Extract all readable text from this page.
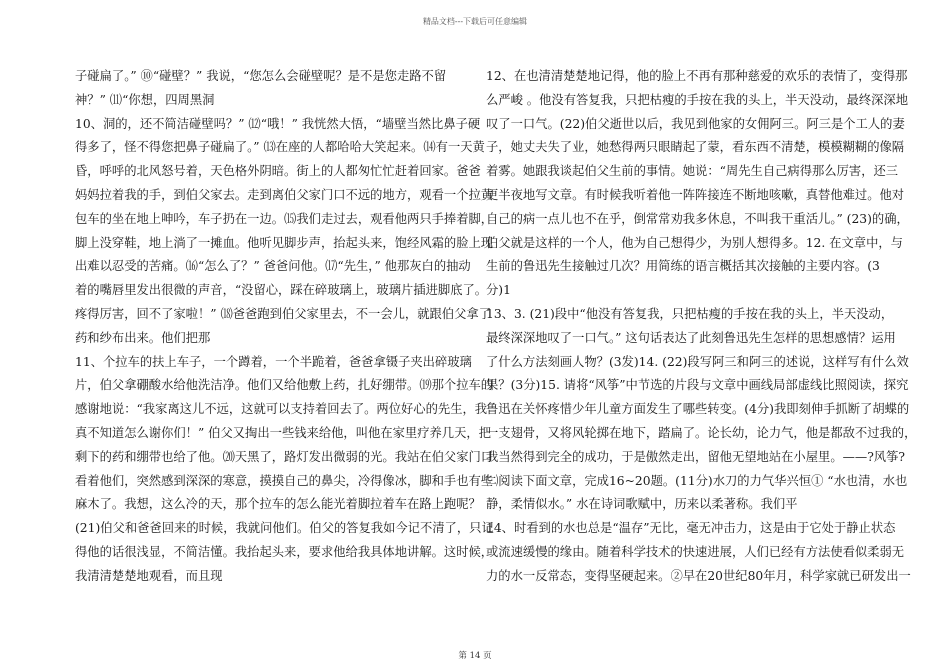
精品文档---下载后可任意编辑
子碰扁了。” ⑩“碰壁？” 我说，“您怎么会碰壁呢？是不是您走路不留
神？” ⑾“你想，四周黑洞
10、洞的，还不简洁碰壁吗？” ⑿“哦！” 我恍然大悟，“墙壁当然比鼻子硬
得多了，怪不得您把鼻子碰扁了。” ⒀在座的人都哈哈大笑起来。⒁有一天黄
昏，呼呼的北风怒号着，天色格外阴暗。街上的人都匆忙忙赶着回家。爸爸
妈妈拉着我的手，到伯父家去。走到离伯父家门口不远的地方，观看一个拉黄
包车的坐在地上呻吟，车子扔在一边。⒂我们走过去，观看他两只手捧着脚，
脚上没穿鞋，地上淌了一摊血。他听见脚步声，抬起头来，饱经风霜的脸上现
出难以忍受的苦痛。⒃“怎么了？” 爸爸问他。⒄“先生，” 他那灰白的抽动
着的嘴唇里发出很微的声音，“没留心，踩在碎玻璃上，玻璃片插进脚底了。
疼得厉害，回不了家啦！” ⒅爸爸跑到伯父家里去，不一会儿，就跟伯父拿了
药和纱布出来。他们把那
11、个拉车的扶上车子，一个蹲着，一个半跪着，爸爸拿镊子夹出碎玻璃
片，伯父拿硼酸水给他洗洁净。他们又给他敷上药，扎好绷带。⒆那个拉车的
感谢地说：“我家离这儿不远，这就可以支持着回去了。两位好心的先生，我
真不知道怎么谢你们！” 伯父又掏出一些钱来给他，叫他在家里疗养几天，把
剩下的药和绷带也给了他。⒇天黑了，路灯发出微弱的光。我站在伯父家门口
看着他们，突然感到深深的寒意，摸摸自己的鼻尖，冷得像冰，脚和手也有些
麻木了。我想，这么冷的天，那个拉车的怎么能光着脚拉着车在路上跑呢？
(21)伯父和爸爸回来的时候，我就问他们。伯父的答复我如今记不清了，只记
得他的话很浅显，不简洁懂。我抬起头来，要求他给我具体地讲解。这时候，
我清清楚楚地观看，而且现
12、在也清清楚楚地记得，他的脸上不再有那种慈爱的欢乐的表情了，变得那
么严峻 。他没有答复我，只把枯瘦的手按在我的头上，半天没动，最终深深地
叹了一口气。(22)伯父逝世以后，我见到他家的女佣阿三。阿三是个工人的妻
子，她丈夫失了业，她愁得两只眼睛起了蒙，看东西不清楚，模模糊糊的像隔
着雾。她跟我谈起伯父生前的事情。她说：“周先生自己病得那么厉害，还三
更半夜地写文章。有时候我听着他一阵阵接连不断地咳嗽，真替他难过。他对
自己的病一点儿也不在乎，倒常常劝我多休息，不叫我干重活儿。” (23)的确，
伯父就是这样的一个人，他为自己想得少，为别人想得多。12. 在文章中，与
生前的鲁迅先生接触过几次？用简练的语言概括其次接触的主要内容。(3
分)1
13、3. (21)段中“他没有答复我，只把枯瘦的手按在我的头上，半天没动，
最终深深地叹了一口气。” 这句话表达了此刻鲁迅先生怎样的思想感情？运用
了什么方法刻画人物？(3发)14. (22)段写阿三和阿三的述说，这样写有什么效
果？(3分)15. 请将“风筝”中节选的片段与文章中画线局部虚线比照阅读，探究
鲁迅在关怀疼惜少年儿童方面发生了哪些转变。(4分)我即刻伸手抓断了胡蝶的
一支翅骨，又将风轮掷在地下，踏扁了。论长幼，论力气，他是都敌不过我的，
我当然得到完全的成功，于是傲然走出，留他无望地站在小屋里。——?风筝?
㈡阅读下面文章，完成16~20题。(11分)水刀的力气华兴恒① “水也清，水也
静，柔情似水。” 水在诗词歌赋中，历来以柔著称。我们平
14、时看到的水也总是“温存”无比，毫无冲击力，这是由于它处于静止状态
或流速缓慢的缘由。随着科学技术的快速进展，人们已经有方法使看似柔弱无
力的水一反常态，变得坚硬起来。②早在20世纪80年月，科学家就已研发出一
第 14 页
